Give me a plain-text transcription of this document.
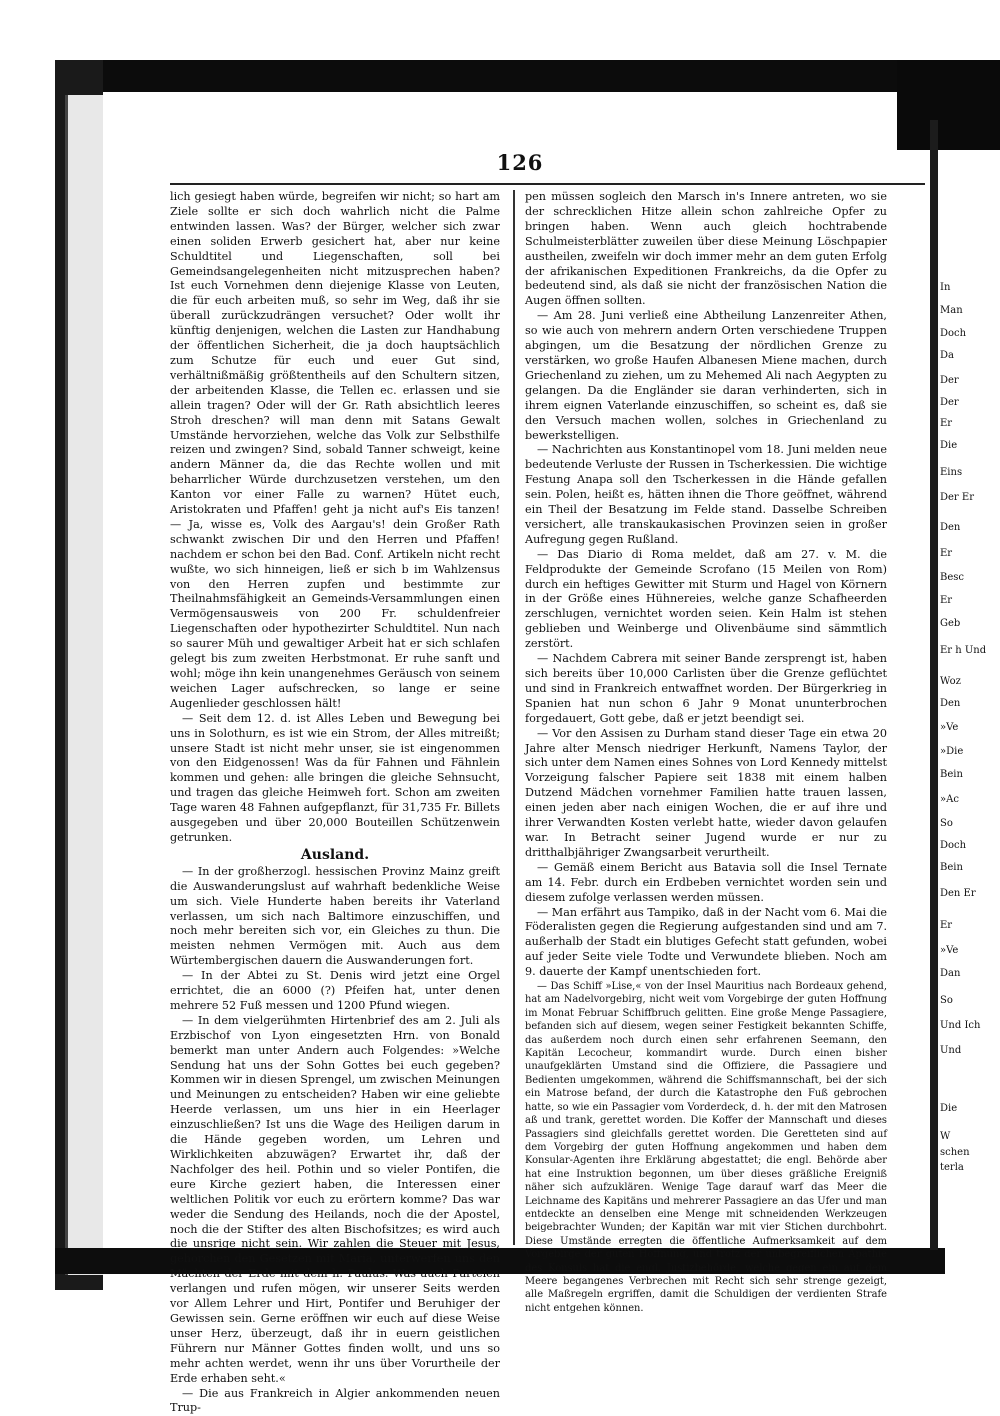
126

lich gesiegt haben würde, begreifen wir nicht; so hart am Ziele sollte er sich doch wahrlich nicht die Palme entwinden lassen. Was? der Bürger, welcher sich zwar einen soliden Erwerb gesichert hat, aber nur keine Schuldtitel und Liegenschaften, soll bei Gemeindsangelegenheiten nicht mitzusprechen haben? Ist euch Vornehmen denn diejenige Klasse von Leuten, die für euch arbeiten muß, so sehr im Weg, daß ihr sie überall zurückzudrängen versuchet? Oder wollt ihr künftig denjenigen, welchen die Lasten zur Handhabung der öffentlichen Sicherheit, die ja doch hauptsächlich zum Schutze für euch und euer Gut sind, verhältnißmäßig größtentheils auf den Schultern sitzen, der arbeitenden Klasse, die Tellen ec. erlassen und sie allein tragen? Oder will der Gr. Rath absichtlich leeres Stroh dreschen? will man denn mit Satans Gewalt Umstände hervorziehen, welche das Volk zur Selbsthilfe reizen und zwingen? Sind, sobald Tanner schweigt, keine andern Männer da, die das Rechte wollen und mit beharrlicher Würde durchzusetzen verstehen, um den Kanton vor einer Falle zu warnen? Hütet euch, Aristokraten und Pfaffen! geht ja nicht auf's Eis tanzen! — Ja, wisse es, Volk des Aargau's! dein Großer Rath schwankt zwischen Dir und den Herren und Pfaffen! nachdem er schon bei den Bad. Conf. Artikeln nicht recht wußte, wo sich hinneigen, ließ er sich b im Wahlzensus von den Herren zupfen und bestimmte zur Theilnahmsfähigkeit an Gemeinds-Versammlungen einen Vermögensausweis von 200 Fr. schuldenfreier Liegenschaften oder hypothezirter Schuldtitel. Nun nach so saurer Müh und gewaltiger Arbeit hat er sich schlafen gelegt bis zum zweiten Herbstmonat. Er ruhe sanft und wohl; möge ihn kein unangenehmes Geräusch von seinem weichen Lager aufschrecken, so lange er seine Augenlieder geschlossen hält!

— Seit dem 12. d. ist Alles Leben und Bewegung bei uns in Solothurn, es ist wie ein Strom, der Alles mitreißt; unsere Stadt ist nicht mehr unser, sie ist eingenommen von den Eidgenossen! Was da für Fahnen und Fähnlein kommen und gehen: alle bringen die gleiche Sehnsucht, und tragen das gleiche Heimweh fort. Schon am zweiten Tage waren 48 Fahnen aufgepflanzt, für 31,735 Fr. Billets ausgegeben und über 20,000 Bouteillen Schützenwein getrunken.

Ausland.

— In der großherzogl. hessischen Provinz Mainz greift die Auswanderungslust auf wahrhaft bedenkliche Weise um sich. Viele Hunderte haben bereits ihr Vaterland verlassen, um sich nach Baltimore einzuschiffen, und noch mehr bereiten sich vor, ein Gleiches zu thun. Die meisten nehmen Vermögen mit. Auch aus dem Würtembergischen dauern die Auswanderungen fort.

— In der Abtei zu St. Denis wird jetzt eine Orgel errichtet, die an 6000 (?) Pfeifen hat, unter denen mehrere 52 Fuß messen und 1200 Pfund wiegen.

— In dem vielgerühmten Hirtenbrief des am 2. Juli als Erzbischof von Lyon eingesetzten Hrn. von Bonald bemerkt man unter Andern auch Folgendes: »Welche Sendung hat uns der Sohn Gottes bei euch gegeben? Kommen wir in diesen Sprengel, um zwischen Meinungen und Meinungen zu entscheiden? Haben wir eine geliebte Heerde verlassen, um uns hier in ein Heerlager einzuschließen? Ist uns die Wage des Heiligen darum in die Hände gegeben worden, um Lehren und Wirklichkeiten abzuwägen? Erwartet ihr, daß der Nachfolger des heil. Pothin und so vieler Pontifen, die eure Kirche geziert haben, die Interessen einer weltlichen Politik vor euch zu erörtern komme? Das war weder die Sendung des Heilands, noch die der Apostel, noch die der Stifter des alten Bischofsitzes; es wird auch die unsrige nicht sein. Wir zahlen die Steuer mit Jesus, gehorchen den Gesetzen mit Maria, unterwerfen uns den Mächten der Erde mit dem h. Paulus. Was auch Parteien verlangen und rufen mögen, wir unserer Seits werden vor Allem Lehrer und Hirt, Pontifer und Beruhiger der Gewissen sein. Gerne eröffnen wir euch auf diese Weise unser Herz, überzeugt, daß ihr in euern geistlichen Führern nur Männer Gottes finden wollt, und uns so mehr achten werdet, wenn ihr uns über Vorurtheile der Erde erhaben seht.«

— Die aus Frankreich in Algier ankommenden neuen Trup-

pen müssen sogleich den Marsch in's Innere antreten, wo sie der schrecklichen Hitze allein schon zahlreiche Opfer zu bringen haben. Wenn auch gleich hochtrabende Schulmeisterblätter zuweilen über diese Meinung Löschpapier austheilen, zweifeln wir doch immer mehr an dem guten Erfolg der afrikanischen Expeditionen Frankreichs, da die Opfer zu bedeutend sind, als daß sie nicht der französischen Nation die Augen öffnen sollten.

— Am 28. Juni verließ eine Abtheilung Lanzenreiter Athen, so wie auch von mehrern andern Orten verschiedene Truppen abgingen, um die Besatzung der nördlichen Grenze zu verstärken, wo große Haufen Albanesen Miene machen, durch Griechenland zu ziehen, um zu Mehemed Ali nach Aegypten zu gelangen. Da die Engländer sie daran verhinderten, sich in ihrem eignen Vaterlande einzuschiffen, so scheint es, daß sie den Versuch machen wollen, solches in Griechenland zu bewerkstelligen.

— Nachrichten aus Konstantinopel vom 18. Juni melden neue bedeutende Verluste der Russen in Tscherkessien. Die wichtige Festung Anapa soll den Tscherkessen in die Hände gefallen sein. Polen, heißt es, hätten ihnen die Thore geöffnet, während ein Theil der Besatzung im Felde stand. Dasselbe Schreiben versichert, alle transkaukasischen Provinzen seien in großer Aufregung gegen Rußland.

— Das Diario di Roma meldet, daß am 27. v. M. die Feldprodukte der Gemeinde Scrofano (15 Meilen von Rom) durch ein heftiges Gewitter mit Sturm und Hagel von Körnern in der Größe eines Hühnereies, welche ganze Schafheerden zerschlugen, vernichtet worden seien. Kein Halm ist stehen geblieben und Weinberge und Olivenbäume sind sämmtlich zerstört.

— Nachdem Cabrera mit seiner Bande zersprengt ist, haben sich bereits über 10,000 Carlisten über die Grenze geflüchtet und sind in Frankreich entwaffnet worden. Der Bürgerkrieg in Spanien hat nun schon 6 Jahr 9 Monat ununterbrochen forgedauert, Gott gebe, daß er jetzt beendigt sei.

— Vor den Assisen zu Durham stand dieser Tage ein etwa 20 Jahre alter Mensch niedriger Herkunft, Namens Taylor, der sich unter dem Namen eines Sohnes von Lord Kennedy mittelst Vorzeigung falscher Papiere seit 1838 mit einem halben Dutzend Mädchen vornehmer Familien hatte trauen lassen, einen jeden aber nach einigen Wochen, die er auf ihre und ihrer Verwandten Kosten verlebt hatte, wieder davon gelaufen war. In Betracht seiner Jugend wurde er nur zu dritthalbjähriger Zwangsarbeit verurtheilt.

— Gemäß einem Bericht aus Batavia soll die Insel Ternate am 14. Febr. durch ein Erdbeben vernichtet worden sein und diesem zufolge verlassen werden müssen.

— Man erfährt aus Tampiko, daß in der Nacht vom 6. Mai die Föderalisten gegen die Regierung aufgestanden sind und am 7. außerhalb der Stadt ein blutiges Gefecht statt gefunden, wobei auf jeder Seite viele Todte und Verwundete blieben. Noch am 9. dauerte der Kampf unentschieden fort.

— Das Schiff »Lise,« von der Insel Mauritius nach Bordeaux gehend, hat am Nadelvorgebirg, nicht weit vom Vorgebirge der guten Hoffnung im Monat Februar Schiffbruch gelitten. Eine große Menge Passagiere, befanden sich auf diesem, wegen seiner Festigkeit bekannten Schiffe, das außerdem noch durch einen sehr erfahrenen Seemann, den Kapitän Lecocheur, kommandirt wurde. Durch einen bisher unaufgeklärten Umstand sind die Offiziere, die Passagiere und Bedienten umgekommen, während die Schiffsmannschaft, bei der sich ein Matrose befand, der durch die Katastrophe den Fuß gebrochen hatte, so wie ein Passagier vom Vorderdeck, d. h. der mit den Matrosen aß und trank, gerettet worden. Die Koffer der Mannschaft und dieses Passagiers sind gleichfalls gerettet worden. Die Geretteten sind auf dem Vorgebirg der guten Hoffnung angekommen und haben dem Konsular-Agenten ihre Erklärung abgestattet; die engl. Behörde aber hat eine Instruktion begonnen, um über dieses gräßliche Ereigniß näher sich aufzuklären. Wenige Tage darauf warf das Meer die Leichname des Kapitäns und mehrerer Passagiere an das Ufer und man entdeckte an denselben eine Menge mit schneidenden Werkzeugen beigebrachter Wunden; der Kapitän war mit vier Stichen durchbohrt. Diese Umstände erregten die öffentliche Aufmerksamkeit auf dem Vorgebirge der guten Hoffnung, und trotz der unbegreiflichen Apathie des Konsuls hat die engl. Justizbehörde, welche gegen ein auf dem Meere begangenes Verbrechen mit Recht sich sehr strenge gezeigt, alle Maßregeln ergriffen, damit die Schuldigen der verdienten Strafe nicht entgehen können.

In
Man
Doch
Da
Der
Der
Er
Die
Eins
Der Er
Den
Er
Besc
Er
Geb
Er h Und
Woz
Den
»Ve
»Die
Bein
»Ac
So
Doch
Bein
Den Er
Er
»Ve
Dan
So
Und Ich
Und
Die
W
schen
terla
